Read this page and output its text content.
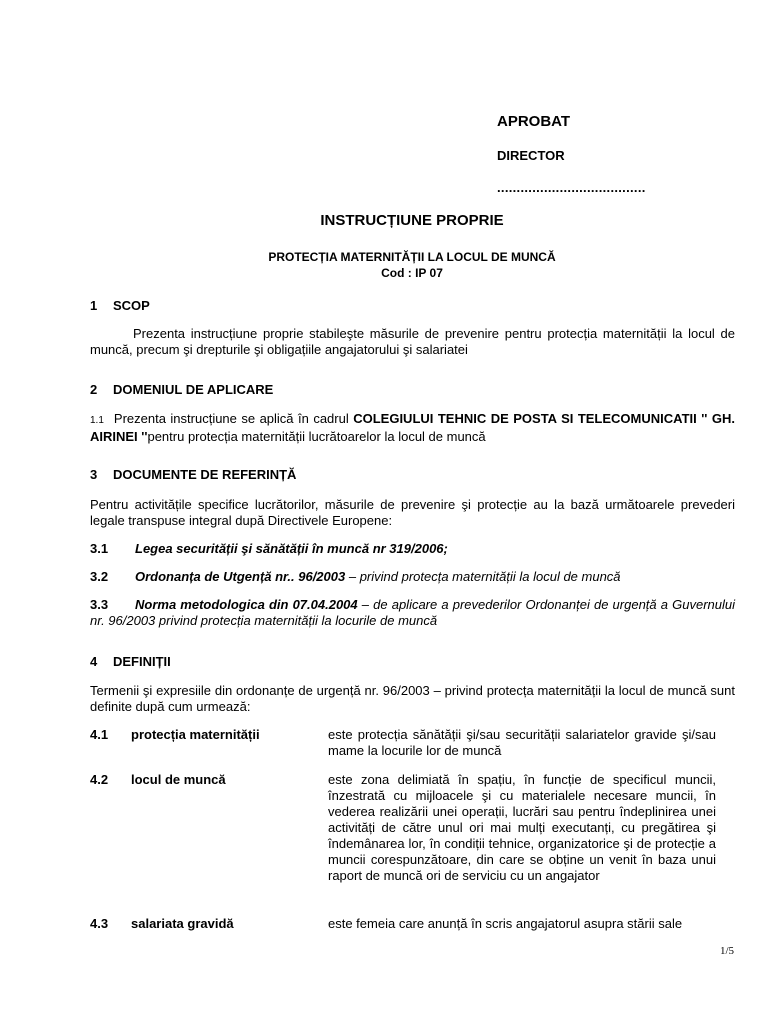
APROBAT
DIRECTOR
......................................
INSTRUCȚIUNE PROPRIE
PROTECȚIA MATERNITĂȚII LA LOCUL DE MUNCĂ
Cod : IP 07
1 SCOP
Prezenta instrucțiune proprie stabileşte măsurile de prevenire pentru protecția maternității la locul de muncă, precum şi drepturile şi obligațiile angajatorului şi salariatei
2 DOMENIUL DE APLICARE
1.1 Prezenta instrucțiune se aplică în cadrul COLEGIULUI TEHNIC DE POSTA SI TELECOMUNICATII '' GH. AIRINEI ''pentru protecția maternității lucrătoarelor la locul de muncă
3 DOCUMENTE DE REFERINȚĂ
Pentru activitățile specifice lucrătorilor, măsurile de prevenire şi protecție au la bază următoarele prevederi legale transpuse integral după Directivele Europene:
3.1 Legea securității şi sănătății în muncă nr 319/2006;
3.2 Ordonanța de Utgență nr.. 96/2003 – privind protecța maternității la locul de muncă
3.3	Norma metodologica din 07.04.2004 – de aplicare a prevederilor Ordonanței de urgență a Guvernului nr. 96/2003 privind protecția maternității la locurile de muncă
4 DEFINIȚII
Termenii şi expresiile din ordonanțe de urgență nr. 96/2003 – privind protecța maternității la locul de muncă sunt definite după cum urmează:
4.1 protecția maternității	este protecția sănătății şi/sau securității salariatelor gravide şi/sau mame la locurile lor de muncă
4.2 locul de muncă	este zona delimiată în spațiu, în funcție de specificul muncii, înzestrată cu mijloacele şi cu materialele necesare muncii, în vederea realizării unei operații, lucrări sau pentru îndeplinirea unei activități de către unul ori mai mulți executanți, cu pregătirea şi îndemânarea lor, în condiții tehnice, organizatorice şi de protecție a muncii corespunzătoare, din care se obține un venit în baza unui raport de muncă ori de serviciu cu un angajator
4.3 salariata gravidă	este femeia care anunță în scris angajatorul asupra stării sale
1/5
